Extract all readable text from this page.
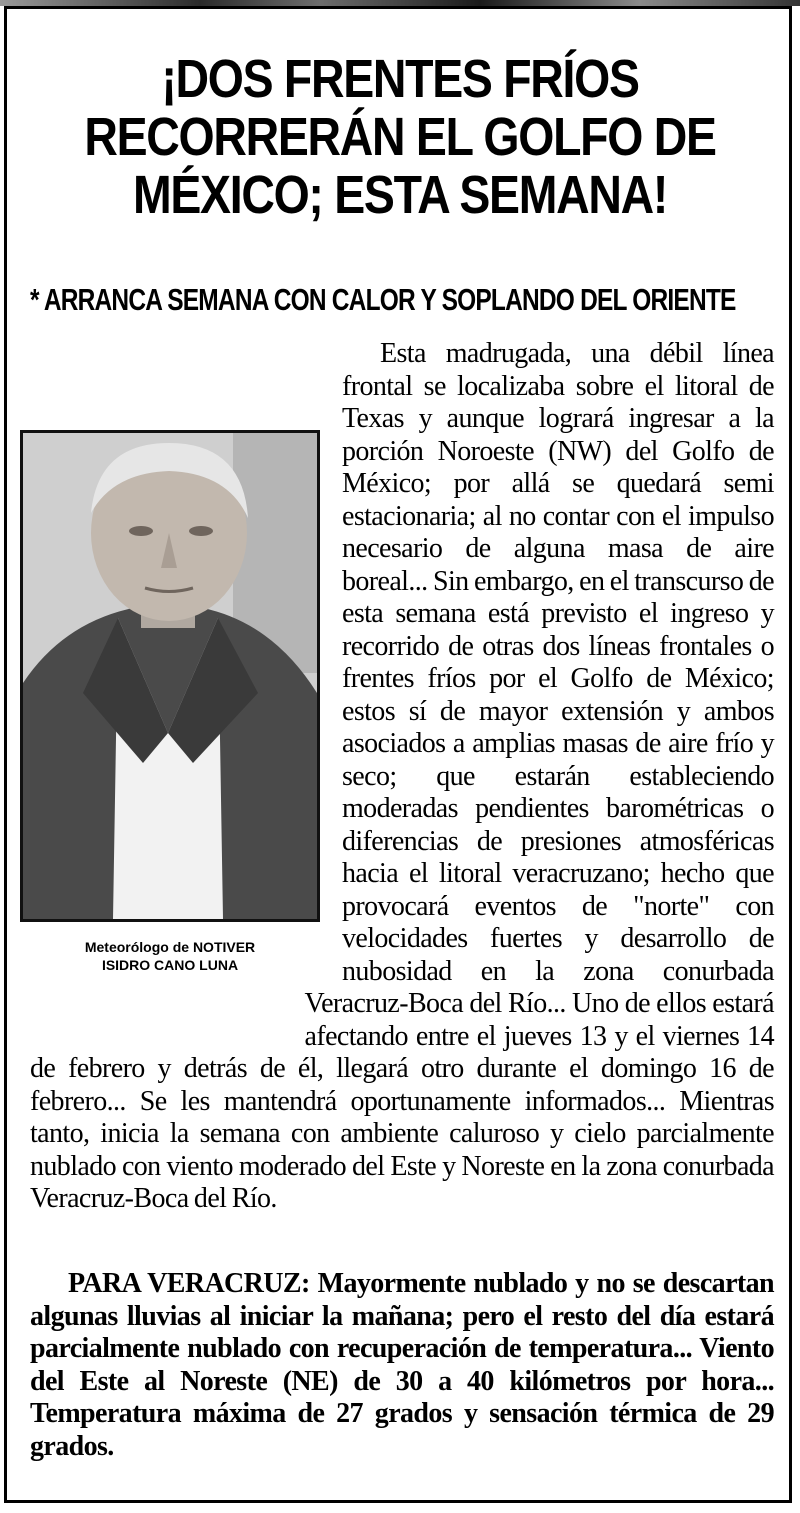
¡DOS FRENTES FRÍOS RECORRERÁN EL GOLFO DE MÉXICO; ESTA SEMANA!
* ARRANCA SEMANA CON CALOR Y SOPLANDO DEL ORIENTE

Meteorólogo de NOTIVER
ISIDRO CANO LUNA

Esta madrugada, una débil línea frontal se localizaba sobre el litoral de Texas y aunque logrará ingresar a la porción Noroeste (NW) del Golfo de México; por allá se quedará semi estacionaria; al no contar con el impulso necesario de alguna masa de aire boreal... Sin embargo, en el transcurso de esta semana está previsto el ingreso y recorrido de otras dos líneas frontales o frentes fríos por el Golfo de México; estos sí de mayor extensión y ambos asociados a amplias masas de aire frío y seco; que estarán estableciendo moderadas pendientes barométricas o diferencias de presiones atmosféricas hacia el litoral veracruzano; hecho que provocará eventos de "norte" con velocidades fuertes y desarrollo de nubosidad en la zona conurbada Veracruz-Boca del Río... Uno de ellos estará afectando entre el jueves 13 y el viernes 14 de febrero y detrás de él, llegará otro durante el domingo 16 de febrero... Se les mantendrá oportunamente informados... Mientras tanto, inicia la semana con ambiente caluroso y cielo parcialmente nublado con viento moderado del Este y Noreste en la zona conurbada Veracruz-Boca del Río.

PARA VERACRUZ: Mayormente nublado y no se descartan algunas lluvias al iniciar la mañana; pero el resto del día estará parcialmente nublado con recuperación de temperatura... Viento del Este al Noreste (NE) de 30 a 40 kilómetros por hora... Temperatura máxima de 27 grados y sensación térmica de 29 grados.
